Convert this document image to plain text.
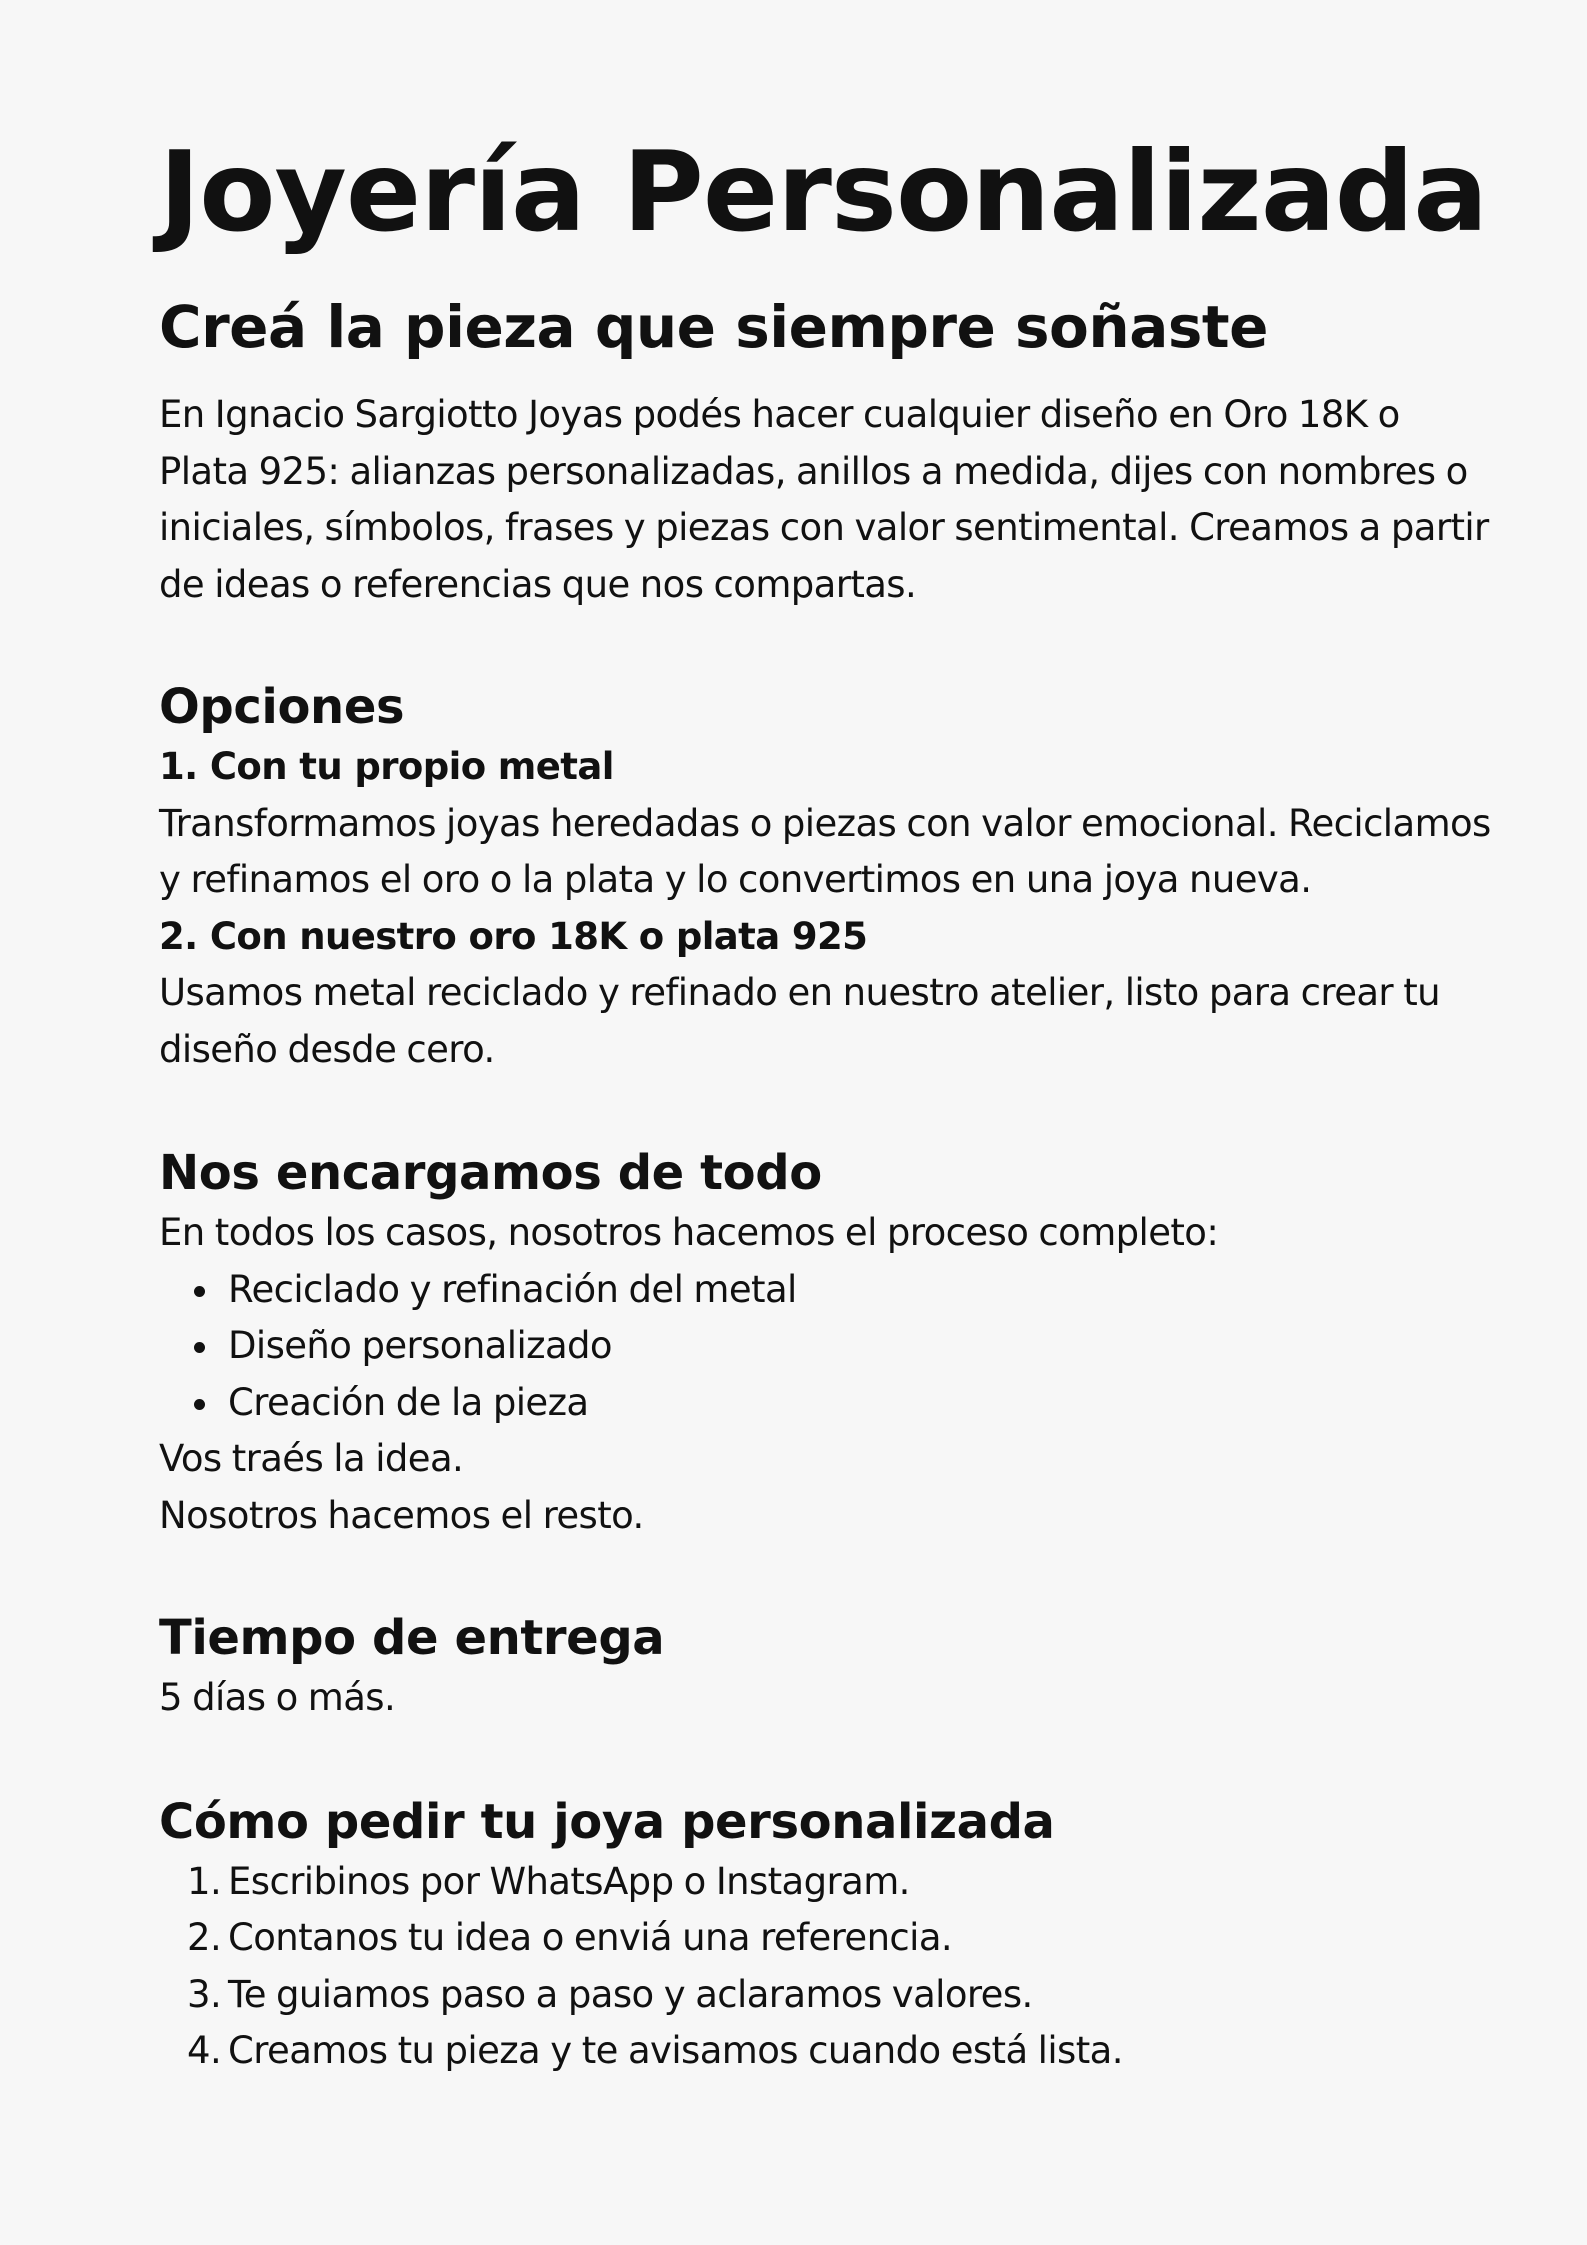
Joyería Personalizada
Creá la pieza que siempre soñaste

En Ignacio Sargiotto Joyas podés hacer cualquier diseño en Oro 18K o Plata 925: alianzas personalizadas, anillos a medida, dijes con nombres o iniciales, símbolos, frases y piezas con valor sentimental. Creamos a partir de ideas o referencias que nos compartas.

Opciones

1. Con tu propio metal

Transformamos joyas heredadas o piezas con valor emocional. Reciclamos y refinamos el oro o la plata y lo convertimos en una joya nueva.

2. Con nuestro oro 18K o plata 925

Usamos metal reciclado y refinado en nuestro atelier, listo para crear tu diseño desde cero.

Nos encargamos de todo

En todos los casos, nosotros hacemos el proceso completo:

Reciclado y refinación del metal
Diseño personalizado
Creación de la pieza

Vos traés la idea.

Nosotros hacemos el resto.

Tiempo de entrega

5 días o más.

Cómo pedir tu joya personalizada
1. Escribinos por WhatsApp o Instagram.
2. Contanos tu idea o enviá una referencia.
3. Te guiamos paso a paso y aclaramos valores.
4. Creamos tu pieza y te avisamos cuando está lista.
